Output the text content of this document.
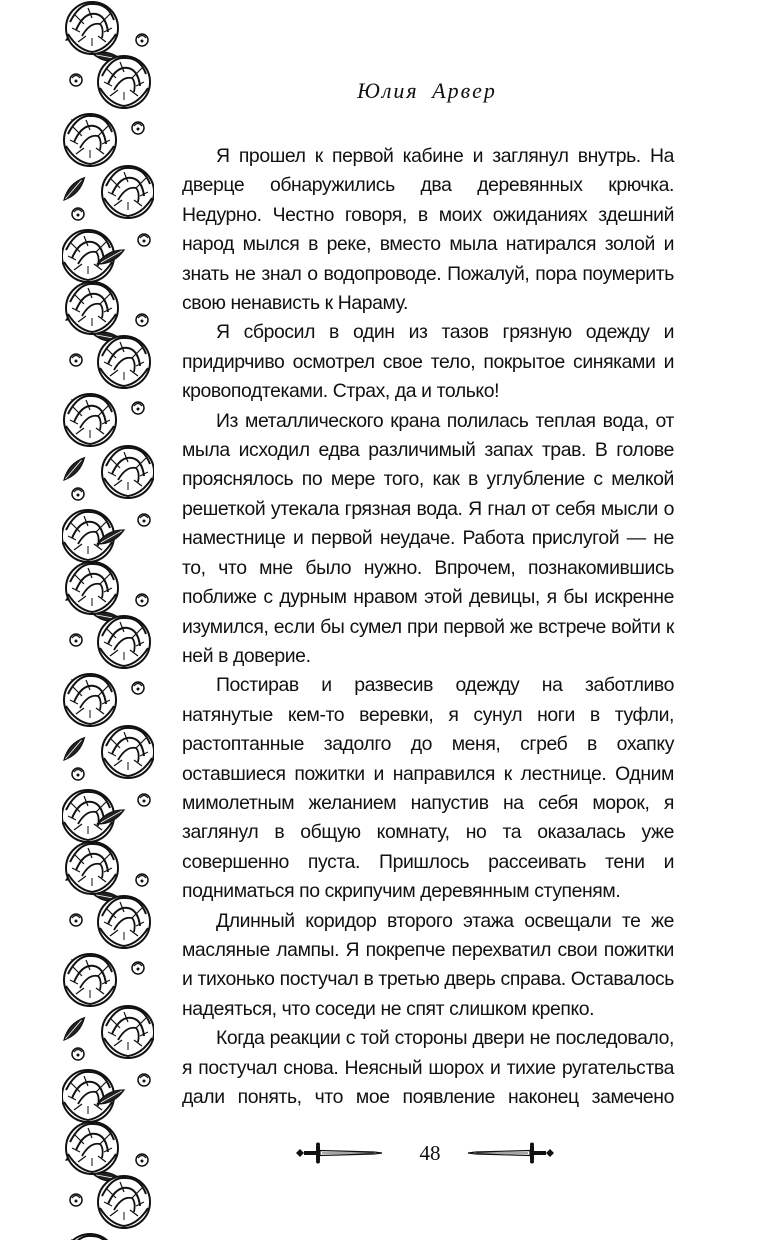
Юлия Арвер

Я прошел к первой кабине и заглянул внутрь. На дверце обнаружились два деревянных крючка. Недурно. Честно говоря, в моих ожиданиях здешний народ мылся в реке, вместо мыла натирался золой и знать не знал о водопроводе. Пожалуй, пора поумерить свою ненависть к Нараму.

Я сбросил в один из тазов грязную одежду и придирчиво осмотрел свое тело, покрытое синяками и кровоподтеками. Страх, да и только!

Из металлического крана полилась теплая вода, от мыла исходил едва различимый запах трав. В голове прояснялось по мере того, как в углубление с мелкой решеткой утекала грязная вода. Я гнал от себя мысли о наместнице и первой неудаче. Работа прислугой — не то, что мне было нужно. Впрочем, познакомившись поближе с дурным нравом этой девицы, я бы искренне изумился, если бы сумел при первой же встрече войти к ней в доверие.

Постирав и развесив одежду на заботливо натянутые кем-то веревки, я сунул ноги в туфли, растоптанные задолго до меня, сгреб в охапку оставшиеся пожитки и направился к лестнице. Одним мимолетным желанием напустив на себя морок, я заглянул в общую комнату, но та оказалась уже совершенно пуста. Пришлось рассеивать тени и подниматься по скрипучим деревянным ступеням.

Длинный коридор второго этажа освещали те же масляные лампы. Я покрепче перехватил свои пожитки и тихонько постучал в третью дверь справа. Оставалось надеяться, что соседи не спят слишком крепко.

Когда реакции с той стороны двери не последовало, я постучал снова. Неясный шорох и тихие ругательства дали понять, что мое появление наконец замечено

48
